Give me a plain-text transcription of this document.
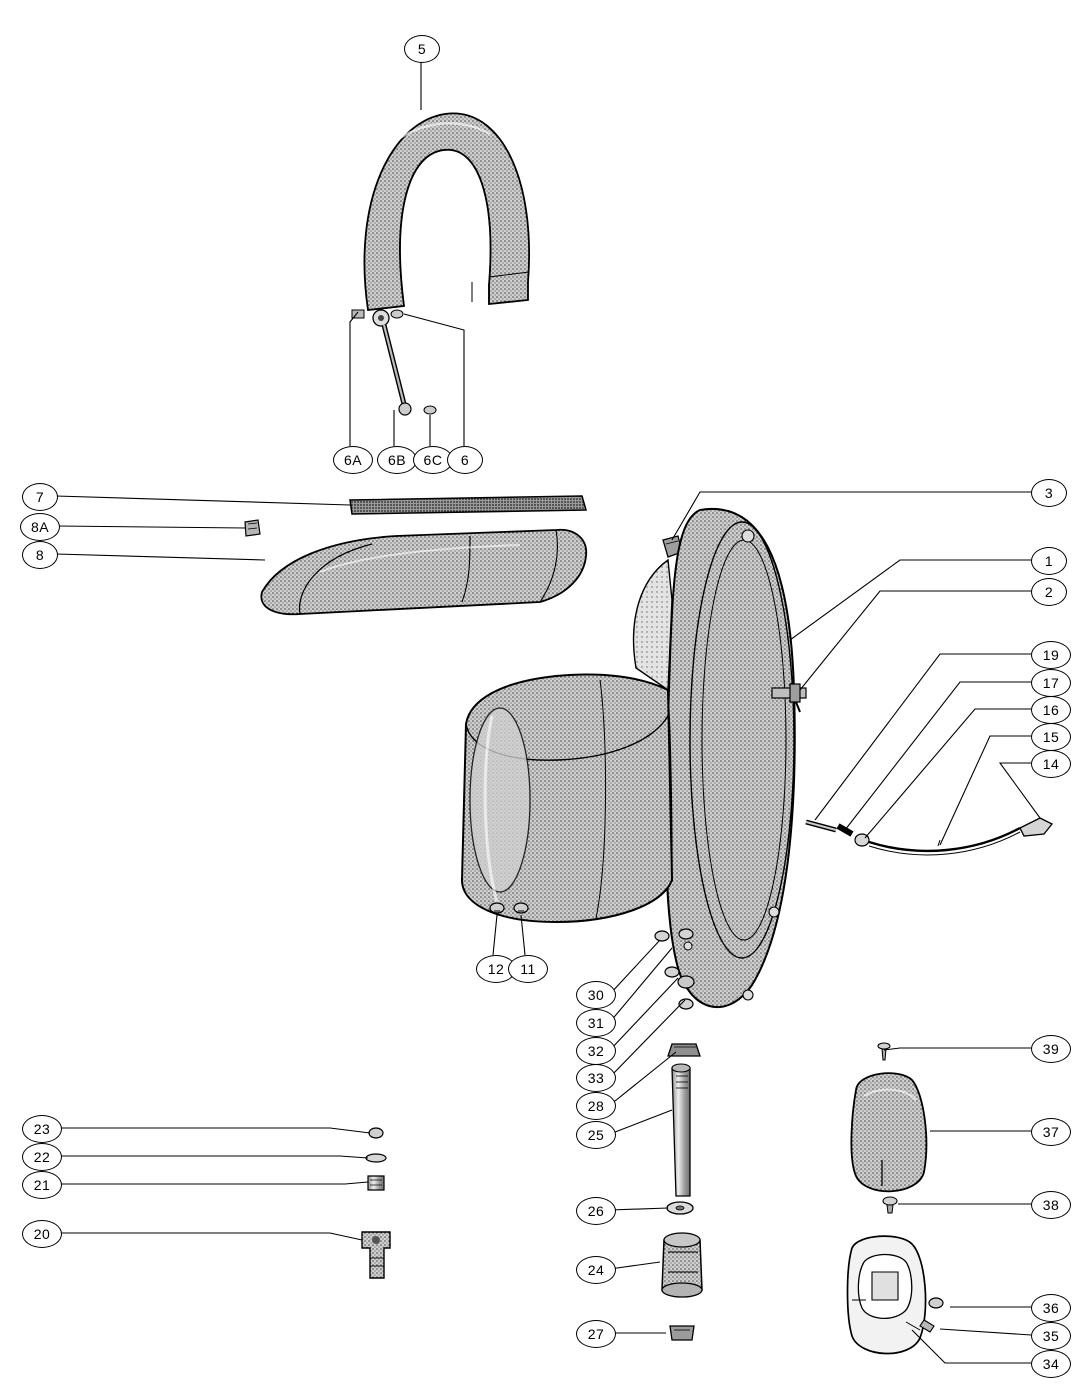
5
6A	6B	6C	6
7
8A
8
3
1
2
19
17
16
15
14
12	11
30
31
32
33
28
25
26
24
27
23
22
21
20
39
37
38
36
35
34
